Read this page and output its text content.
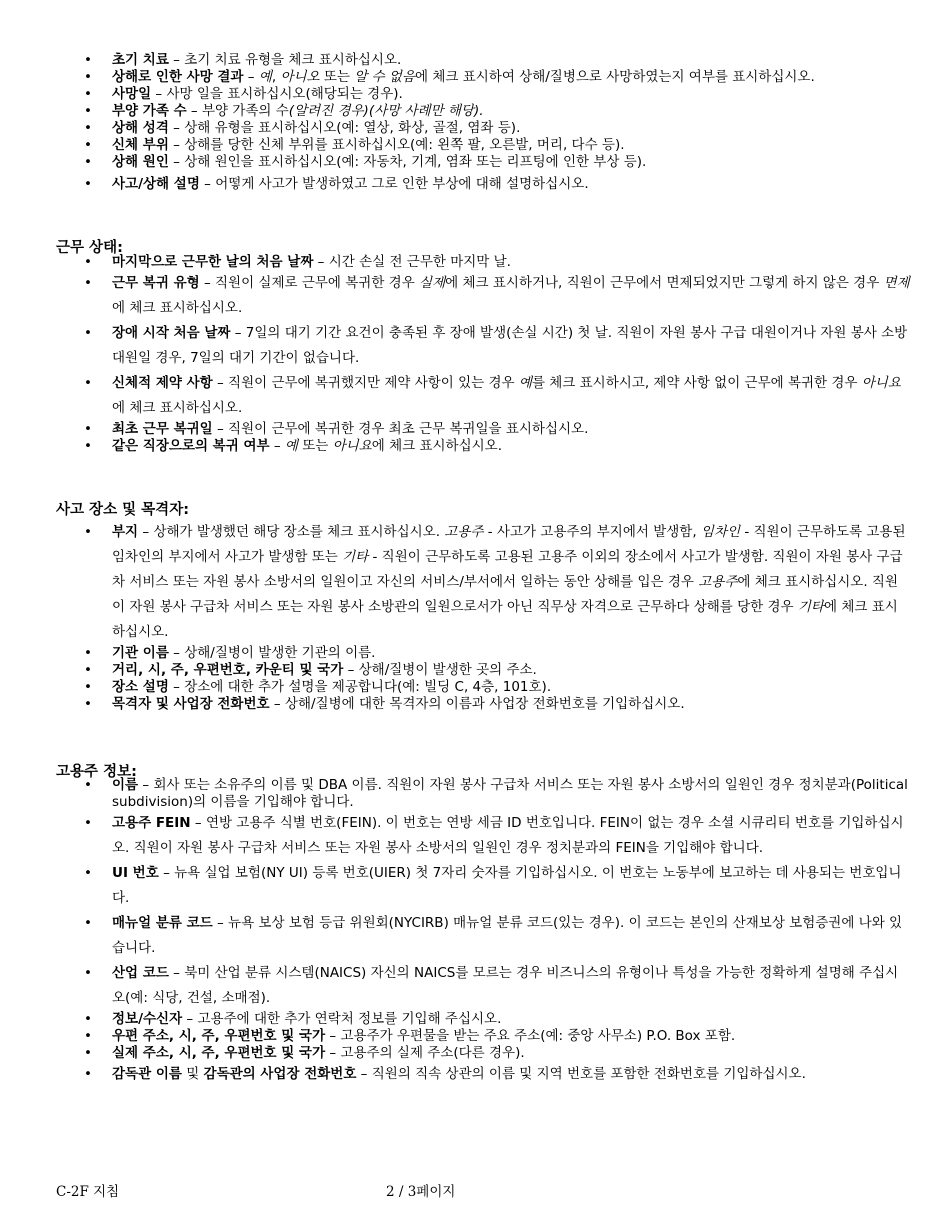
• 초기 치료 – 초기 치료 유형을 체크 표시하십시오.
• 상해로 인한 사망 결과 – 예, 아니오 또는 알 수 없음에 체크 표시하여 상해/질병으로 사망하였는지 여부를 표시하십시오.
• 사망일 – 사망 일을 표시하십시오(해당되는 경우).
• 부양 가족 수 – 부양 가족의 수(알려진 경우)(사망 사례만 해당).
• 상해 성격 – 상해 유형을 표시하십시오(예: 열상, 화상, 골절, 염좌 등).
• 신체 부위 – 상해를 당한 신체 부위를 표시하십시오(예: 왼쪽 팔, 오른발, 머리, 다수 등).
• 상해 원인 – 상해 원인을 표시하십시오(예: 자동차, 기계, 염좌 또는 리프팅에 인한 부상 등).
• 사고/상해 설명 – 어떻게 사고가 발생하였고 그로 인한 부상에 대해 설명하십시오.
근무 상태:
• 마지막으로 근무한 날의 처음 날짜 – 시간 손실 전 근무한 마지막 날.
• 근무 복귀 유형 – 직원이 실제로 근무에 복귀한 경우 실제에 체크 표시하거나, 직원이 근무에서 면제되었지만 그렇게 하지 않은 경우 면제에 체크 표시하십시오.
• 장애 시작 처음 날짜 – 7일의 대기 기간 요건이 충족된 후 장애 발생(손실 시간) 첫 날. 직원이 자원 봉사 구급 대원이거나 자원 봉사 소방대원일 경우, 7일의 대기 기간이 없습니다.
• 신체적 제약 사항 – 직원이 근무에 복귀했지만 제약 사항이 있는 경우 예를 체크 표시하시고, 제약 사항 없이 근무에 복귀한 경우 아니요에 체크 표시하십시오.
• 최초 근무 복귀일 – 직원이 근무에 복귀한 경우 최초 근무 복귀일을 표시하십시오.
• 같은 직장으로의 복귀 여부 – 예 또는 아니요에 체크 표시하십시오.
사고 장소 및 목격자:
• 부지 – 상해가 발생했던 해당 장소를 체크 표시하십시오. 고용주 - 사고가 고용주의 부지에서 발생함, 임차인 - 직원이 근무하도록 고용된 임차인의 부지에서 사고가 발생함 또는 기타 - 직원이 근무하도록 고용된 고용주 이외의 장소에서 사고가 발생함. 직원이 자원 봉사 구급차 서비스 또는 자원 봉사 소방서의 일원이고 자신의 서비스/부서에서 일하는 동안 상해를 입은 경우 고용주에 체크 표시하십시오. 직원이 자원 봉사 구급차 서비스 또는 자원 봉사 소방관의 일원으로서가 아닌 직무상 자격으로 근무하다 상해를 당한 경우 기타에 체크 표시하십시오.
• 기관 이름 – 상해/질병이 발생한 기관의 이름.
• 거리, 시, 주, 우편번호, 카운티 및 국가 – 상해/질병이 발생한 곳의 주소.
• 장소 설명 – 장소에 대한 추가 설명을 제공합니다(예: 빌딩 C, 4층, 101호).
• 목격자 및 사업장 전화번호 – 상해/질병에 대한 목격자의 이름과 사업장 전화번호를 기입하십시오.
고용주 정보:
• 이름 – 회사 또는 소유주의 이름 및 DBA 이름. 직원이 자원 봉사 구급차 서비스 또는 자원 봉사 소방서의 일원인 경우 정치분과(Political subdivision)의 이름을 기입해야 합니다.
• 고용주 FEIN – 연방 고용주 식별 번호(FEIN). 이 번호는 연방 세금 ID 번호입니다. FEIN이 없는 경우 소셜 시큐리티 번호를 기입하십시오. 직원이 자원 봉사 구급차 서비스 또는 자원 봉사 소방서의 일원인 경우 정치분과의 FEIN을 기입해야 합니다.
• UI 번호 – 뉴욕 실업 보험(NY UI) 등록 번호(UIER) 첫 7자리 숫자를 기입하십시오. 이 번호는 노동부에 보고하는 데 사용되는 번호입니다.
• 매뉴얼 분류 코드 – 뉴욕 보상 보험 등급 위원회(NYCIRB) 매뉴얼 분류 코드(있는 경우). 이 코드는 본인의 산재보상 보험증권에 나와 있습니다.
• 산업 코드 – 북미 산업 분류 시스템(NAICS) 자신의 NAICS를 모르는 경우 비즈니스의 유형이나 특성을 가능한 정확하게 설명해 주십시오(예: 식당, 건설, 소매점).
• 정보/수신자 – 고용주에 대한 추가 연락처 정보를 기입해 주십시오.
• 우편 주소, 시, 주, 우편번호 및 국가 – 고용주가 우편물을 받는 주요 주소(예: 중앙 사무소) P.O. Box 포함.
• 실제 주소, 시, 주, 우편번호 및 국가 – 고용주의 실제 주소(다른 경우).
• 감독관 이름 및 감독관의 사업장 전화번호 – 직원의 직속 상관의 이름 및 지역 번호를 포함한 전화번호를 기입하십시오.
C-2F 지침	2 / 3페이지
